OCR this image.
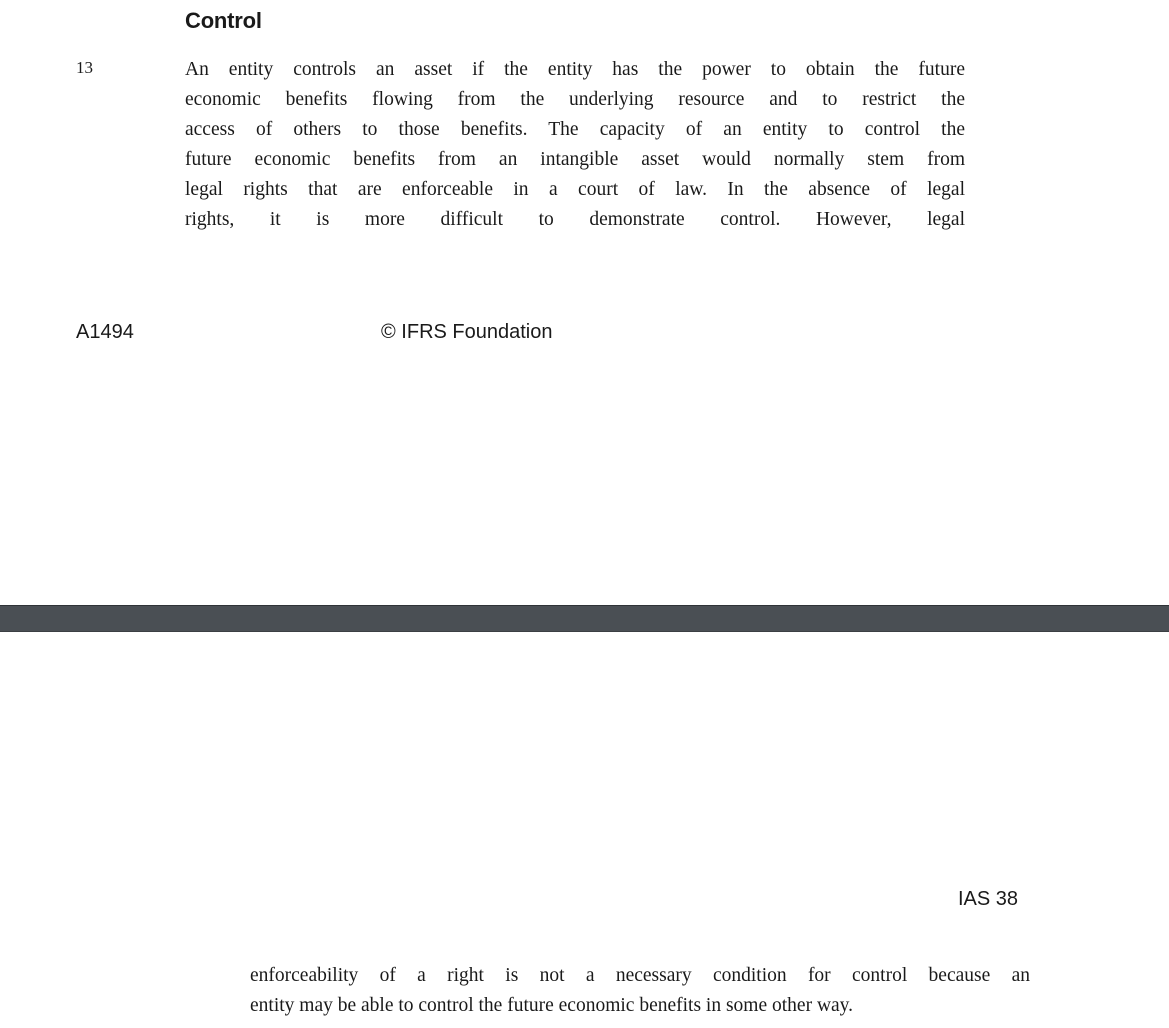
Control
13	An entity controls an asset if the entity has the power to obtain the future
economic benefits flowing from the underlying resource and to restrict the
access of others to those benefits. The capacity of an entity to control the
future economic benefits from an intangible asset would normally stem from
legal rights that are enforceable in a court of law. In the absence of legal
rights, it is more difficult to demonstrate control. However, legal
A1494	© IFRS Foundation
IAS 38
enforceability of a right is not a necessary condition for control because an
entity may be able to control the future economic benefits in some other way.
